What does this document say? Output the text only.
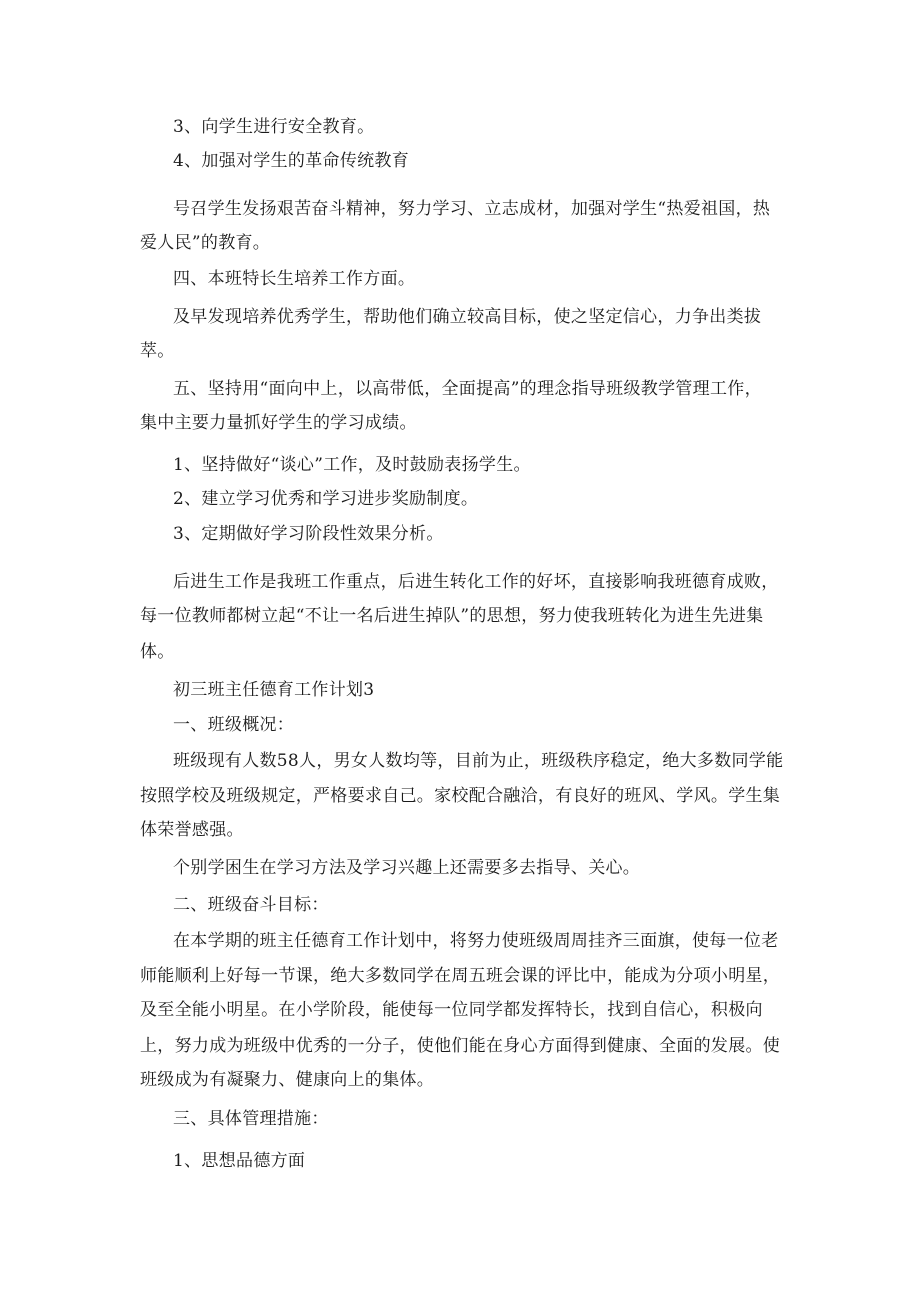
3、向学生进行安全教育。
4、加强对学生的革命传统教育
号召学生发扬艰苦奋斗精神，努力学习、立志成材，加强对学生“热爱祖国，热
爱人民”的教育。
四、本班特长生培养工作方面。
及早发现培养优秀学生，帮助他们确立较高目标，使之坚定信心，力争出类拔
萃。
五、坚持用“面向中上，以高带低，全面提高”的理念指导班级教学管理工作，
集中主要力量抓好学生的学习成绩。
1、坚持做好“谈心”工作，及时鼓励表扬学生。
2、建立学习优秀和学习进步奖励制度。
3、定期做好学习阶段性效果分析。
后进生工作是我班工作重点，后进生转化工作的好坏，直接影响我班德育成败，
每一位教师都树立起“不让一名后进生掉队”的思想，努力使我班转化为进生先进集
体。
初三班主任德育工作计划3
一、班级概况：
班级现有人数58人，男女人数均等，目前为止，班级秩序稳定，绝大多数同学能
按照学校及班级规定，严格要求自己。家校配合融洽，有良好的班风、学风。学生集
体荣誉感强。
个别学困生在学习方法及学习兴趣上还需要多去指导、关心。
二、班级奋斗目标：
在本学期的班主任德育工作计划中，将努力使班级周周挂齐三面旗，使每一位老
师能顺利上好每一节课，绝大多数同学在周五班会课的评比中，能成为分项小明星，
及至全能小明星。在小学阶段，能使每一位同学都发挥特长，找到自信心，积极向
上，努力成为班级中优秀的一分子，使他们能在身心方面得到健康、全面的发展。使
班级成为有凝聚力、健康向上的集体。
三、具体管理措施：
1、思想品德方面
